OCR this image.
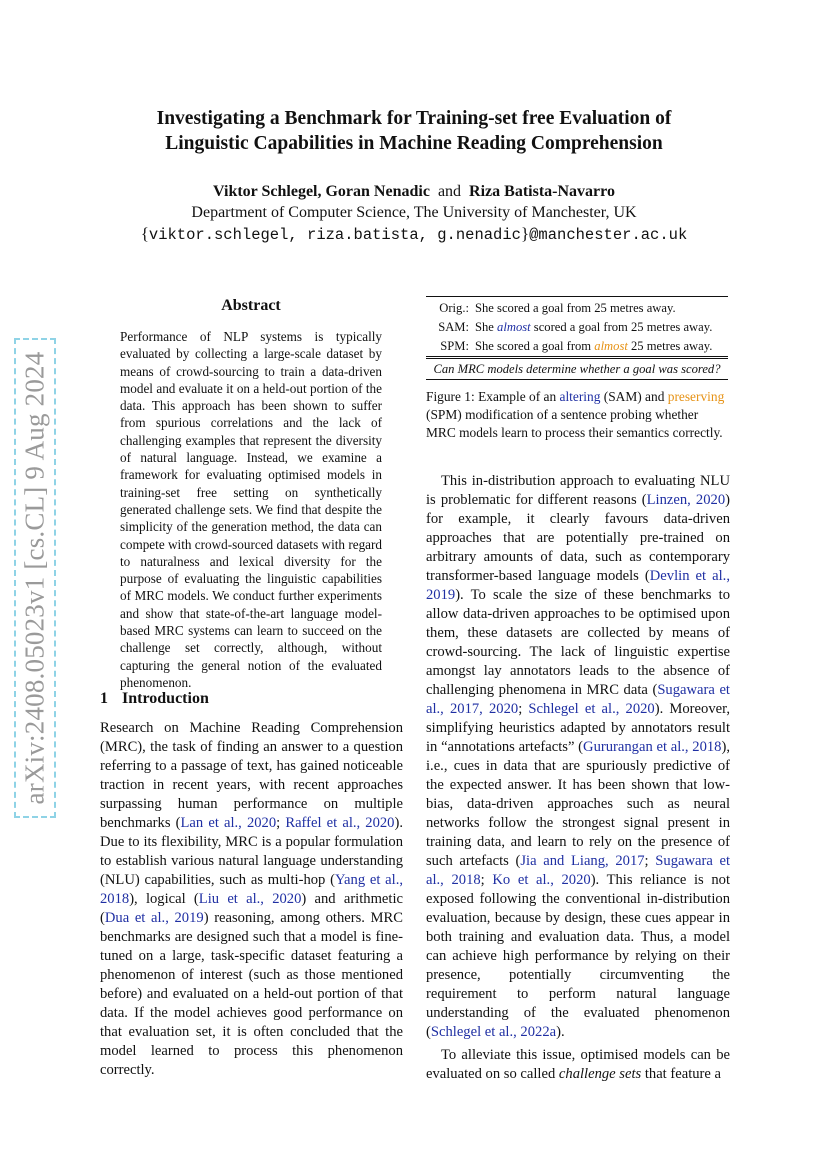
arXiv:2408.05023v1 [cs.CL] 9 Aug 2024
Investigating a Benchmark for Training-set free Evaluation of
Linguistic Capabilities in Machine Reading Comprehension
Viktor Schlegel, Goran Nenadic and Riza Batista-Navarro
Department of Computer Science, The University of Manchester, UK
{viktor.schlegel, riza.batista, g.nenadic}@manchester.ac.uk
Abstract
Performance of NLP systems is typically evaluated by collecting a large-scale dataset by means of crowd-sourcing to train a data-driven model and evaluate it on a held-out portion of the data. This approach has been shown to suffer from spurious correlations and the lack of challenging examples that represent the diversity of natural language. Instead, we examine a framework for evaluating optimised models in training-set free setting on synthetically generated challenge sets. We find that despite the simplicity of the generation method, the data can compete with crowd-sourced datasets with regard to naturalness and lexical diversity for the purpose of evaluating the linguistic capabilities of MRC models. We conduct further experiments and show that state-of-the-art language model-based MRC systems can learn to succeed on the challenge set correctly, although, without capturing the general notion of the evaluated phenomenon.
1 Introduction

Research on Machine Reading Comprehension (MRC), the task of finding an answer to a question referring to a passage of text, has gained noticeable traction in recent years, with recent approaches surpassing human performance on multiple benchmarks (Lan et al., 2020; Raffel et al., 2020). Due to its flexibility, MRC is a popular formulation to establish various natural language understanding (NLU) capabilities, such as multi-hop (Yang et al., 2018), logical (Liu et al., 2020) and arithmetic (Dua et al., 2019) reasoning, among others. MRC benchmarks are designed such that a model is fine-tuned on a large, task-specific dataset featuring a phenomenon of interest (such as those mentioned before) and evaluated on a held-out portion of that data. If the model achieves good performance on that evaluation set, it is often concluded that the model learned to process this phenomenon correctly.

Orig.:	She scored a goal from 25 metres away.
SAM:	She almost scored a goal from 25 metres away.
SPM:	She scored a goal from almost 25 metres away.
Can MRC models determine whether a goal was scored?	
Figure 1: Example of an altering (SAM) and preserving (SPM) modification of a sentence probing whether MRC models learn to process their semantics correctly.

This in-distribution approach to evaluating NLU is problematic for different reasons (Linzen, 2020) for example, it clearly favours data-driven approaches that are potentially pre-trained on arbitrary amounts of data, such as contemporary transformer-based language models (Devlin et al., 2019). To scale the size of these benchmarks to allow data-driven approaches to be optimised upon them, these datasets are collected by means of crowd-sourcing. The lack of linguistic expertise amongst lay annotators leads to the absence of challenging phenomena in MRC data (Sugawara et al., 2017, 2020; Schlegel et al., 2020). Moreover, simplifying heuristics adapted by annotators result in “annotations artefacts” (Gururangan et al., 2018), i.e., cues in data that are spuriously predictive of the expected answer. It has been shown that low-bias, data-driven approaches such as neural networks follow the strongest signal present in training data, and learn to rely on the presence of such artefacts (Jia and Liang, 2017; Sugawara et al., 2018; Ko et al., 2020). This reliance is not exposed following the conventional in-distribution evaluation, because by design, these cues appear in both training and evaluation data. Thus, a model can achieve high performance by relying on their presence, potentially circumventing the requirement to perform natural language understanding of the evaluated phenomenon (Schlegel et al., 2022a).

To alleviate this issue, optimised models can be evaluated on so called challenge sets that feature a
